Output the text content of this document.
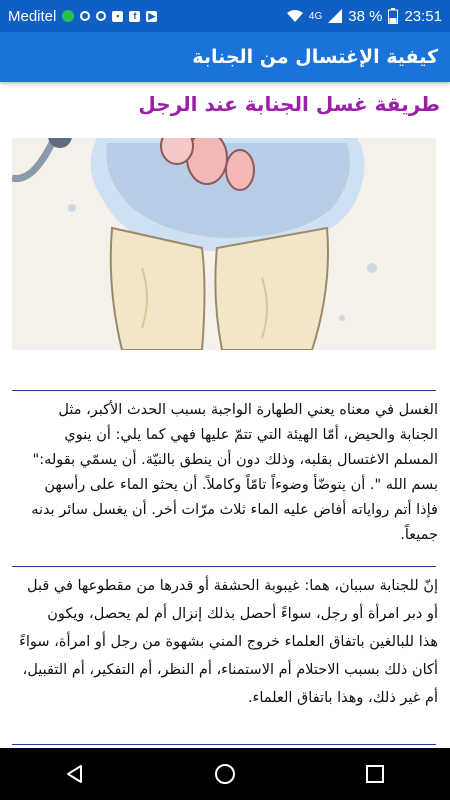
Meditel	▪	f	▶	4G 38 % 23:51
كيفية الإغتسال من الجنابة
طريقة غسل الجنابة عند الرجل
الغسل في معناه يعني الطهارة الواجبة بسبب الحدث الأكبر، مثل
الجنابة والحيض، أمّا الهيئة التي تتمّ عليها فهي كما يلي: أن ينوي
المسلم الاغتسال بقلبه، وذلك دون أن ينطق بالنيّة. أن يسمّي بقوله:"
بسم الله ". أن يتوضّأ وضوءاً تامّاً وكاملاً. أن يحثو الماء على رأسهن
فإذا أتم رواياته أفاض عليه الماء ثلاث مرّات أخر. أن يغسل سائر بدنه
جميعاً.
إنّ للجنابة سببان، هما: غيبوبة الحشفة أو قدرها من مقطوعها في قبل
أو دبر امرأة أو رجل، سواءً أحصل بذلك إنزال أم لم يحصل، ويكون
هذا للبالغين باتفاق العلماء خروج المني بشهوة من رجل أو امرأة، سواءً
أكان ذلك بسبب الاحتلام أم الاستمناء، أم النظر، أم التفكير، أم التقبيل،
أم غير ذلك، وهذا باتفاق العلماء.
